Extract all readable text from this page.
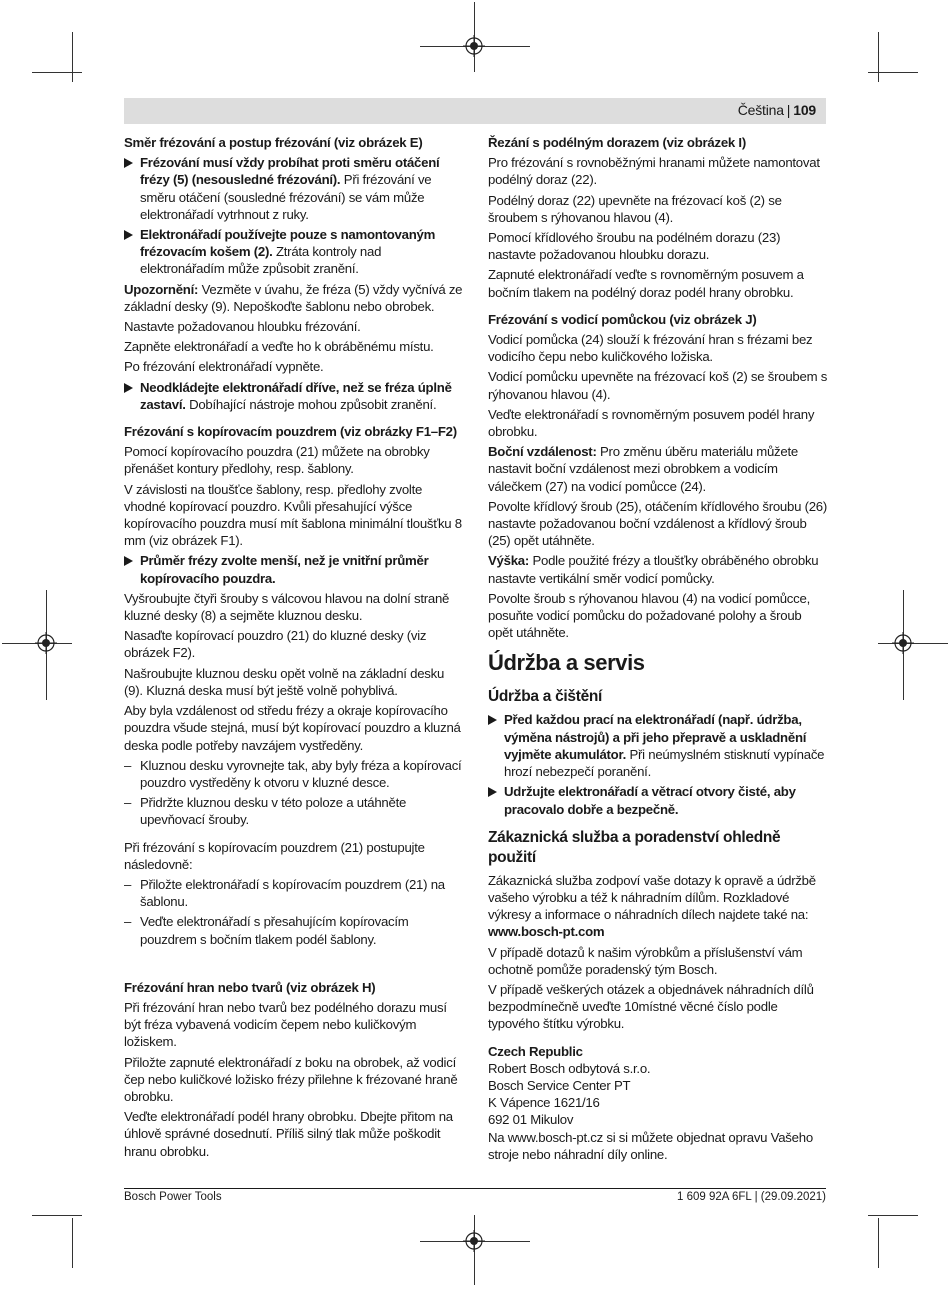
Čeština | 109

Směr frézování a postup frézování (viz obrázek E)

Frézování musí vždy probíhat proti směru otáčení frézy (5) (nesousledné frézování). Při frézování ve směru otáčení (sousledné frézování) se vám může elektronářadí vytrhnout z ruky.
Elektronářadí používejte pouze s namontovaným frézovacím košem (2). Ztráta kontroly nad elektronářadím může způsobit zranění.

Upozornění: Vezměte v úvahu, že fréza (5) vždy vyčnívá ze základní desky (9). Nepoškoďte šablonu nebo obrobek.

Nastavte požadovanou hloubku frézování.

Zapněte elektronářadí a veďte ho k obráběnému místu.

Po frézování elektronářadí vypněte.

Neodkládejte elektronářadí dříve, než se fréza úplně zastaví. Dobíhající nástroje mohou způsobit zranění.

Frézování s kopírovacím pouzdrem (viz obrázky F1–F2)

Pomocí kopírovacího pouzdra (21) můžete na obrobky přenášet kontury předlohy, resp. šablony.

V závislosti na tloušťce šablony, resp. předlohy zvolte vhodné kopírovací pouzdro. Kvůli přesahující výšce kopírovacího pouzdra musí mít šablona minimální tloušťku 8 mm (viz obrázek F1).

Průměr frézy zvolte menší, než je vnitřní průměr kopírovacího pouzdra.

Vyšroubujte čtyři šrouby s válcovou hlavou na dolní straně kluzné desky (8) a sejměte kluznou desku.

Nasaďte kopírovací pouzdro (21) do kluzné desky (viz obrázek F2).

Našroubujte kluznou desku opět volně na základní desku (9). Kluzná deska musí být ještě volně pohyblivá.

Aby byla vzdálenost od středu frézy a okraje kopírovacího pouzdra všude stejná, musí být kopírovací pouzdro a kluzná deska podle potřeby navzájem vystředěny.

– Kluznou desku vyrovnejte tak, aby byly fréza a kopírovací pouzdro vystředěny k otvoru v kluzné desce.
– Přidržte kluznou desku v této poloze a utáhněte upevňovací šrouby.

Při frézování s kopírovacím pouzdrem (21) postupujte následovně:

– Přiložte elektronářadí s kopírovacím pouzdrem (21) na šablonu.
– Veďte elektronářadí s přesahujícím kopírovacím pouzdrem s bočním tlakem podél šablony.

Frézování hran nebo tvarů (viz obrázek H)

Při frézování hran nebo tvarů bez podélného dorazu musí být fréza vybavená vodicím čepem nebo kuličkovým ložiskem.

Přiložte zapnuté elektronářadí z boku na obrobek, až vodicí čep nebo kuličkové ložisko frézy přilehne k frézované hraně obrobku.

Veďte elektronářadí podél hrany obrobku. Dbejte přitom na úhlově správné dosednutí. Příliš silný tlak může poškodit hranu obrobku.

Řezání s podélným dorazem (viz obrázek I)

Pro frézování s rovnoběžnými hranami můžete namontovat podélný doraz (22).

Podélný doraz (22) upevněte na frézovací koš (2) se šroubem s rýhovanou hlavou (4).

Pomocí křídlového šroubu na podélném dorazu (23) nastavte požadovanou hloubku dorazu.

Zapnuté elektronářadí veďte s rovnoměrným posuvem a bočním tlakem na podélný doraz podél hrany obrobku.

Frézování s vodicí pomůckou (viz obrázek J)

Vodicí pomůcka (24) slouží k frézování hran s frézami bez vodicího čepu nebo kuličkového ložiska.

Vodicí pomůcku upevněte na frézovací koš (2) se šroubem s rýhovanou hlavou (4).

Veďte elektronářadí s rovnoměrným posuvem podél hrany obrobku.

Boční vzdálenost: Pro změnu úběru materiálu můžete nastavit boční vzdálenost mezi obrobkem a vodicím válečkem (27) na vodicí pomůcce (24).

Povolte křídlový šroub (25), otáčením křídlového šroubu (26) nastavte požadovanou boční vzdálenost a křídlový šroub (25) opět utáhněte.

Výška: Podle použité frézy a tloušťky obráběného obrobku nastavte vertikální směr vodicí pomůcky.

Povolte šroub s rýhovanou hlavou (4) na vodicí pomůcce, posuňte vodicí pomůcku do požadované polohy a šroub opět utáhněte.

Údržba a servis
Údržba a čištění
Před každou prací na elektronářadí (např. údržba, výměna nástrojů) a při jeho přepravě a uskladnění vyjměte akumulátor. Při neúmyslném stisknutí vypínače hrozí nebezpečí poranění.
Udržujte elektronářadí a větrací otvory čisté, aby pracovalo dobře a bezpečně.
Zákaznická služba a poradenství ohledně použití

Zákaznická služba zodpoví vaše dotazy k opravě a údržbě vašeho výrobku a též k náhradním dílům. Rozkladové výkresy a informace o náhradních dílech najdete také na:

www.bosch-pt.com

V případě dotazů k našim výrobkům a příslušenství vám ochotně pomůže poradenský tým Bosch.

V případě veškerých otázek a objednávek náhradních dílů bezpodmínečně uveďte 10místné věcné číslo podle typového štítku výrobku.

Czech Republic

Robert Bosch odbytová s.r.o.

Bosch Service Center PT

K Vápence 1621/16

692 01 Mikulov

Na www.bosch-pt.cz si si můžete objednat opravu Vašeho stroje nebo náhradní díly online.

Bosch Power Tools	1 609 92A 6FL | (29.09.2021)
